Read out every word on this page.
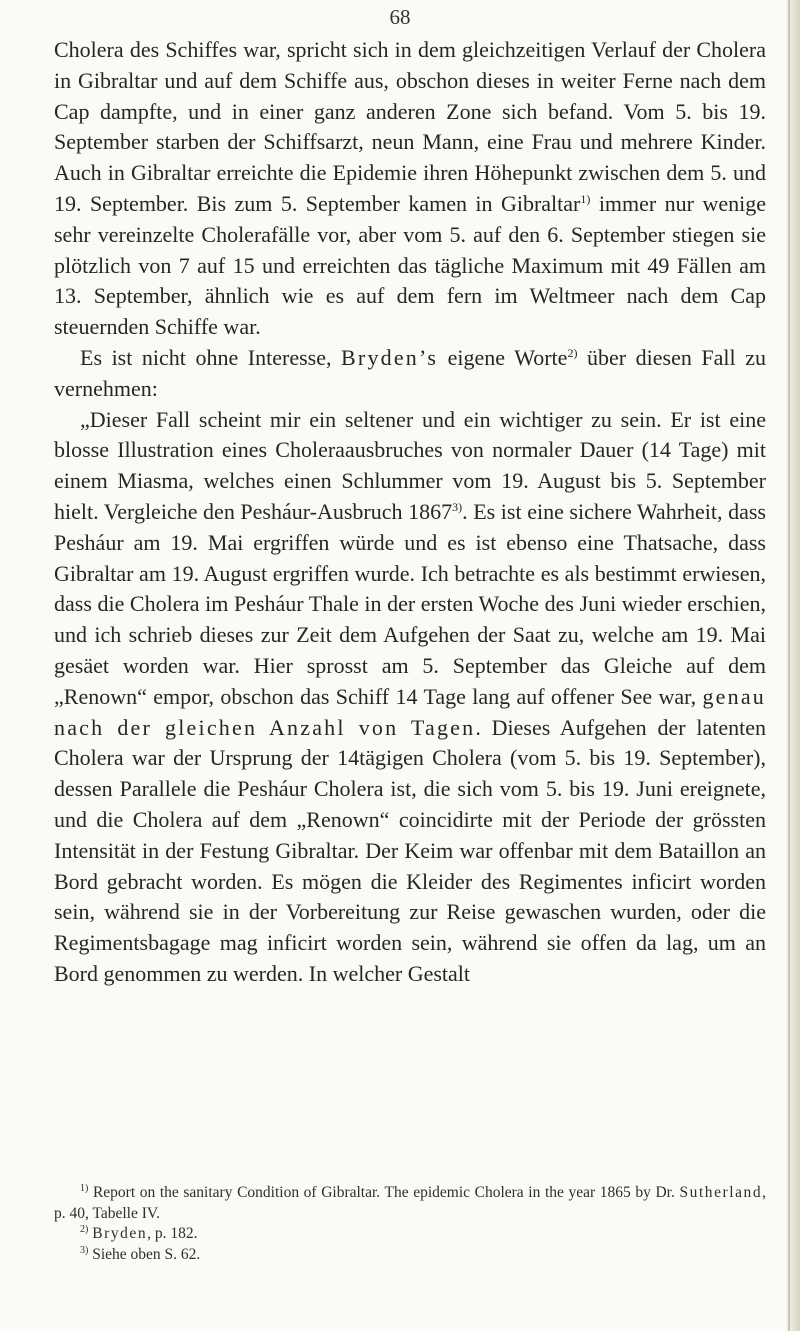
68

Cholera des Schiffes war, spricht sich in dem gleichzeitigen Verlauf der Cholera in Gibraltar und auf dem Schiffe aus, obschon dieses in weiter Ferne nach dem Cap dampfte, und in einer ganz anderen Zone sich befand. Vom 5. bis 19. September starben der Schiffsarzt, neun Mann, eine Frau und mehrere Kinder. Auch in Gibraltar erreichte die Epidemie ihren Höhepunkt zwischen dem 5. und 19. September. Bis zum 5. September kamen in Gibraltar$^{1)}$ immer nur wenige sehr vereinzelte Cholerafälle vor, aber vom 5. auf den 6. September stiegen sie plötzlich von 7 auf 15 und erreichten das tägliche Maximum mit 49 Fällen am 13. September, ähnlich wie es auf dem fern im Weltmeer nach dem Cap steuernden Schiffe war.

Es ist nicht ohne Interesse, Bryden’s eigene Worte$^{2)}$ über diesen Fall zu vernehmen:

„Dieser Fall scheint mir ein seltener und ein wichtiger zu sein. Er ist eine blosse Illustration eines Choleraausbruches von normaler Dauer (14 Tage) mit einem Miasma, welches einen Schlummer vom 19. August bis 5. September hielt. Vergleiche den Pesháur-Ausbruch 1867$^{3)}$. Es ist eine sichere Wahrheit, dass Pesháur am 19. Mai ergriffen würde und es ist ebenso eine Thatsache, dass Gibraltar am 19. August ergriffen wurde. Ich betrachte es als bestimmt erwiesen, dass die Cholera im Pesháur Thale in der ersten Woche des Juni wieder erschien, und ich schrieb dieses zur Zeit dem Aufgehen der Saat zu, welche am 19. Mai gesäet worden war. Hier sprosst am 5. September das Gleiche auf dem „Renown“ empor, obschon das Schiff 14 Tage lang auf offener See war, genau nach der gleichen Anzahl von Tagen. Dieses Aufgehen der latenten Cholera war der Ursprung der 14tägigen Cholera (vom 5. bis 19. September), dessen Parallele die Pesháur Cholera ist, die sich vom 5. bis 19. Juni ereignete, und die Cholera auf dem „Renown“ coincidirte mit der Periode der grössten Intensität in der Festung Gibraltar. Der Keim war offenbar mit dem Bataillon an Bord gebracht worden. Es mögen die Kleider des Regimentes inficirt worden sein, während sie in der Vorbereitung zur Reise gewaschen wurden, oder die Regimentsbagage mag inficirt worden sein, während sie offen da lag, um an Bord genommen zu werden. In welcher Gestalt

$^{1)}$ Report on the sanitary Condition of Gibraltar. The epidemic Cholera in the year 1865 by Dr. Sutherland, p. 40, Tabelle IV.

$^{2)}$ Bryden, p. 182.

$^{3)}$ Siehe oben S. 62.
